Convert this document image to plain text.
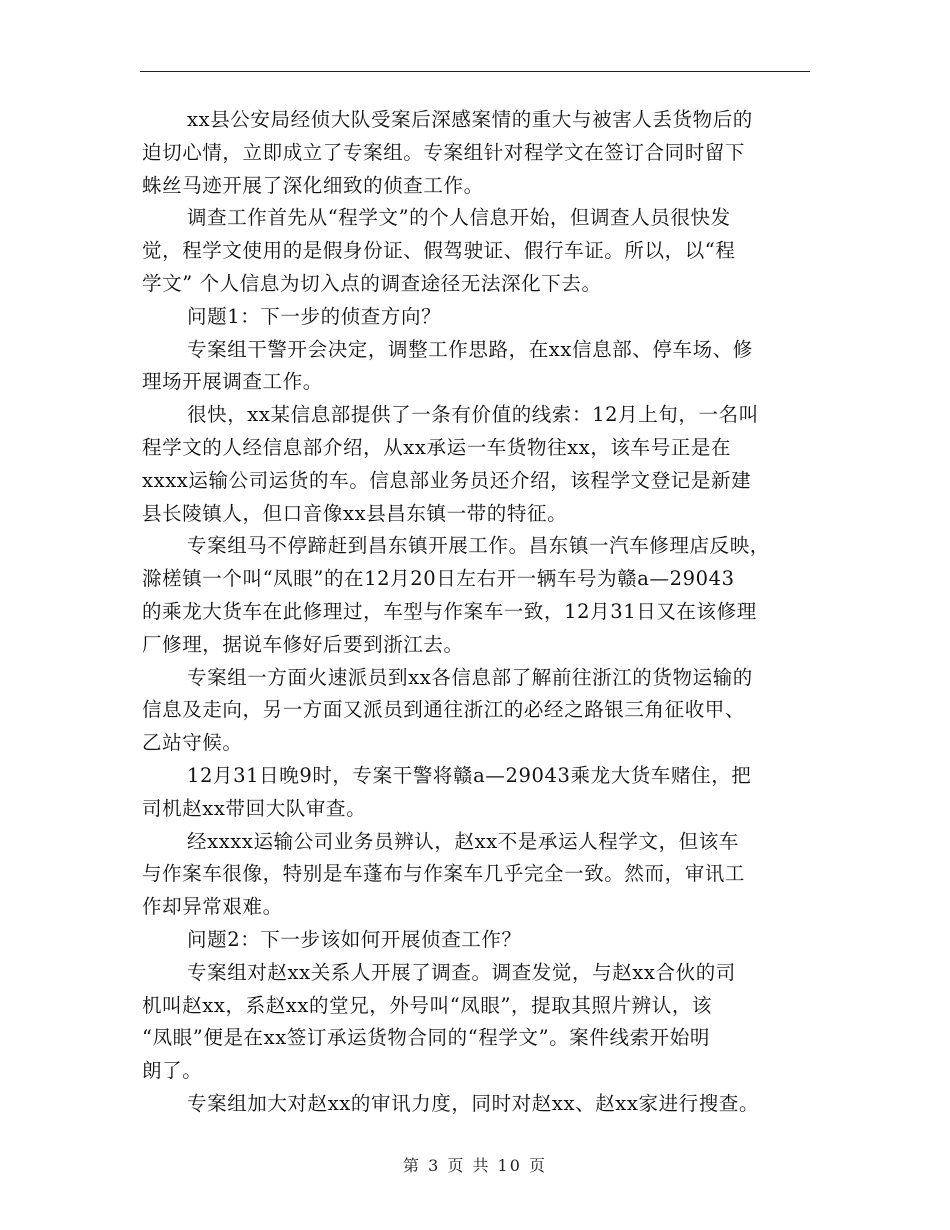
xx县公安局经侦大队受案后深感案情的重大与被害人丢货物后的
迫切心情，立即成立了专案组。专案组针对程学文在签订合同时留下
蛛丝马迹开展了深化细致的侦查工作。
调查工作首先从“程学文”的个人信息开始，但调查人员很快发
觉，程学文使用的是假身份证、假驾驶证、假行车证。所以，以“程
学文” 个人信息为切入点的调查途径无法深化下去。
问题1：下一步的侦查方向？
专案组干警开会决定，调整工作思路，在xx信息部、停车场、修
理场开展调查工作。
很快，xx某信息部提供了一条有价值的线索：12月上旬，一名叫
程学文的人经信息部介绍，从xx承运一车货物往xx，该车号正是在
xxxx运输公司运货的车。信息部业务员还介绍，该程学文登记是新建
县长陵镇人，但口音像xx县昌东镇一带的特征。
专案组马不停蹄赶到昌东镇开展工作。昌东镇一汽车修理店反映，
滁槎镇一个叫“凤眼”的在12月20日左右开一辆车号为赣a—29043
的乘龙大货车在此修理过，车型与作案车一致，12月31日又在该修理
厂修理，据说车修好后要到浙江去。
专案组一方面火速派员到xx各信息部了解前往浙江的货物运输的
信息及走向，另一方面又派员到通往浙江的必经之路银三角征收甲、
乙站守候。
12月31日晚9时，专案干警将赣a—29043乘龙大货车赌住，把
司机赵xx带回大队审查。
经xxxx运输公司业务员辨认，赵xx不是承运人程学文，但该车
与作案车很像，特别是车蓬布与作案车几乎完全一致。然而，审讯工
作却异常艰难。
问题2：下一步该如何开展侦查工作？
专案组对赵xx关系人开展了调查。调查发觉，与赵xx合伙的司
机叫赵xx，系赵xx的堂兄，外号叫“凤眼”，提取其照片辨认，该
“凤眼”便是在xx签订承运货物合同的“程学文”。案件线索开始明
朗了。
专案组加大对赵xx的审讯力度，同时对赵xx、赵xx家进行搜查。
第 3 页 共 10 页
